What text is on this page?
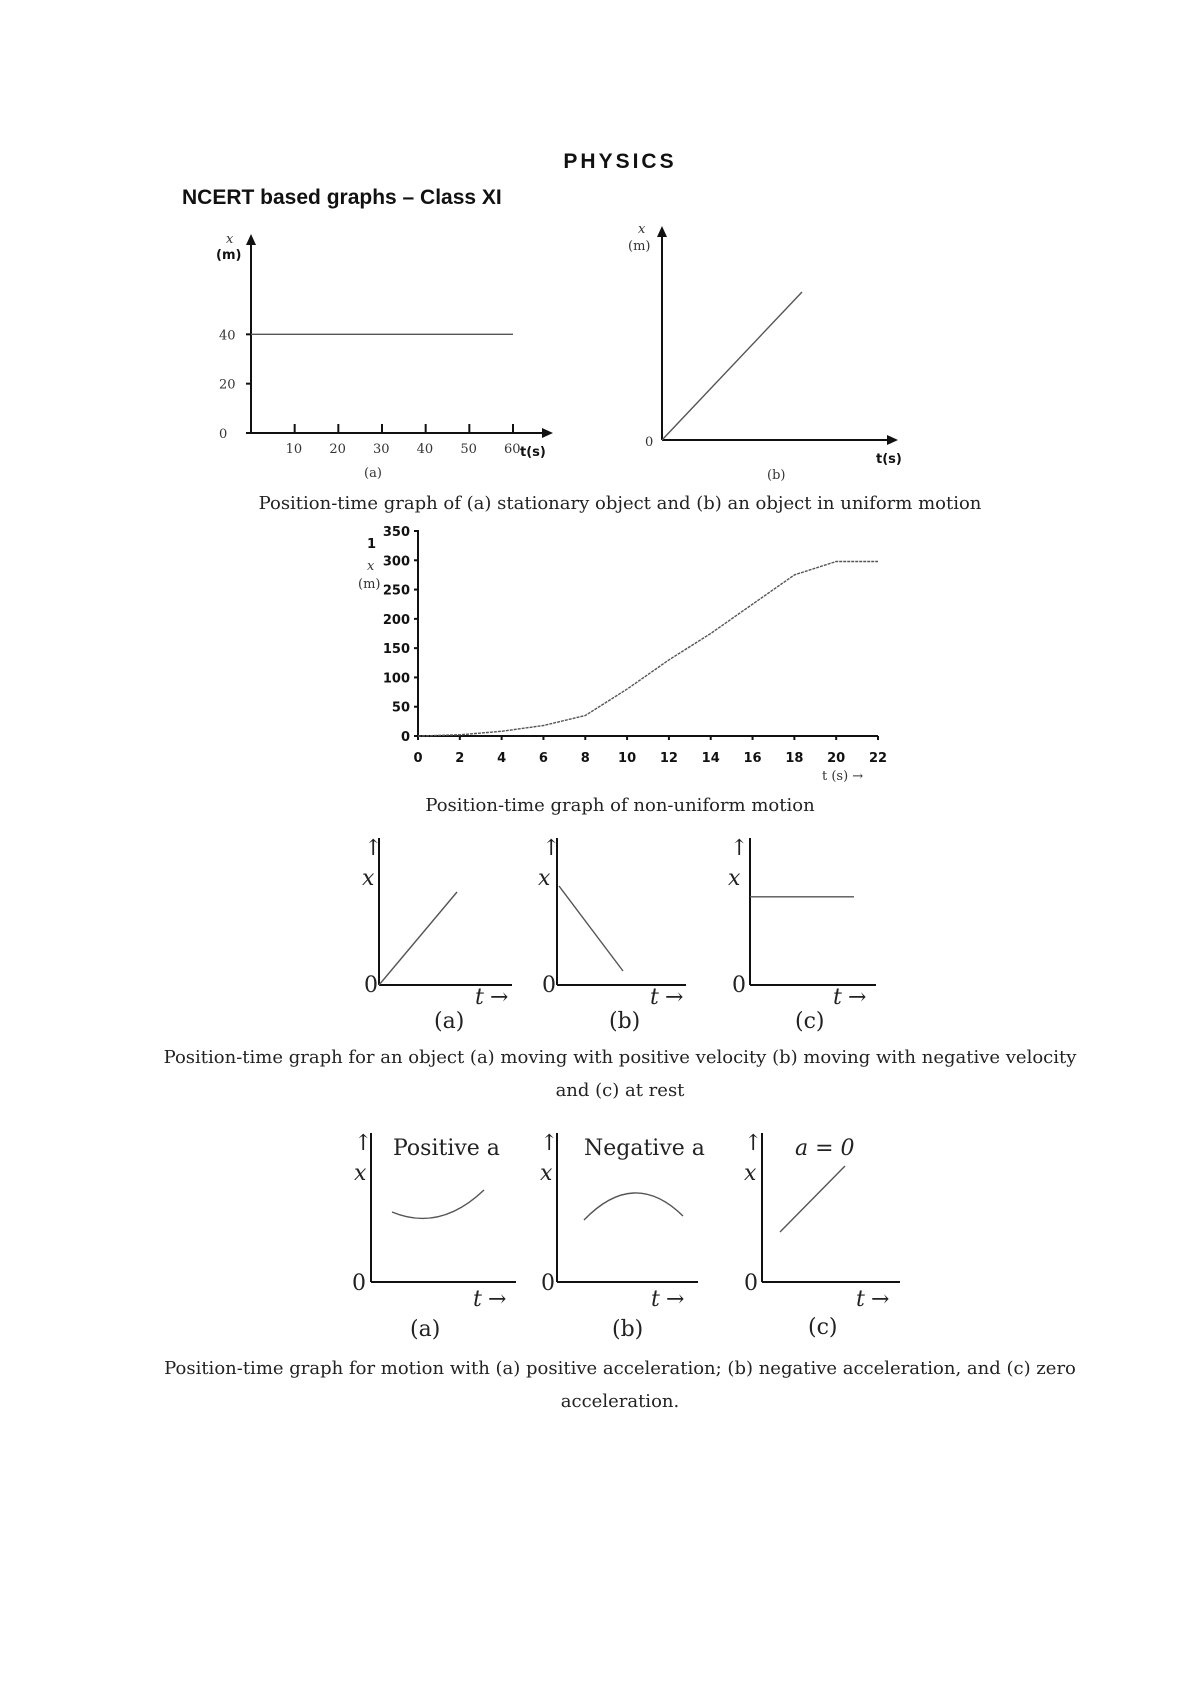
PHYSICS
NCERT based graphs – Class XI
x
(m)
0
20
40
10 20 30 40 50 60 t(s)
(a)
x
(m)
0
t(s)
(b)
Position-time graph of (a) stationary object and (b) an object in uniform motion
1
x
(m)
0
50
100
150
200
250
300
350
0	2	4	6	8 10 12 14 16 18 20 22
t (s) →
Position-time graph of non-uniform motion
↑
x
0	t →
(a)
↑
x
0	t →
(b)
↑
x
0	t →
(c)
Position-time graph for an object (a) moving with positive velocity (b) moving with negative velocity and (c) at rest
Positive a
↑
x
0
t →
(a)
Negative a
↑
x
0
t →
(b)
a = 0
↑
x
0
t →
(c)
Position-time graph for motion with (a) positive acceleration; (b) negative acceleration, and (c) zero acceleration.
